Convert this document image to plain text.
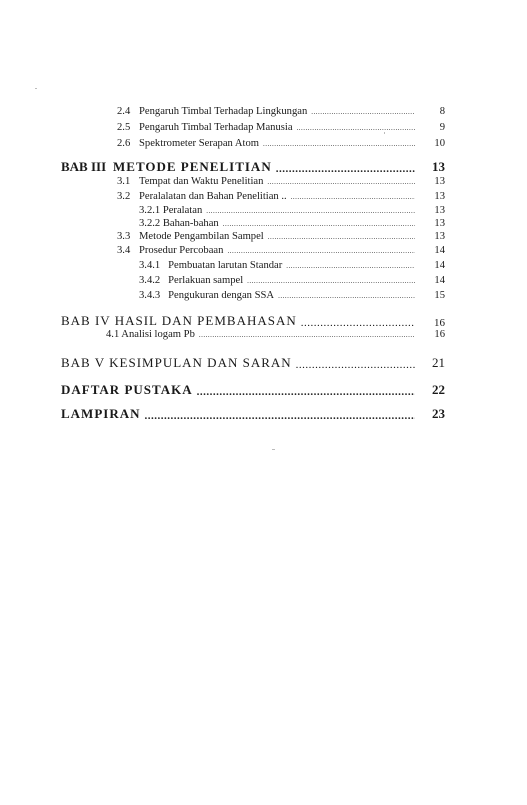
2.4 Pengaruh Timbal Terhadap Lingkungan .....	8
2.5 Pengaruh Timbal Terhadap Manusia .....	9
2.6 Spektrometer Serapan Atom .....	10
BAB III METODE PENELITIAN .....	13
3.1 Tempat dan Waktu Penelitian .....	13
3.2 Peralalatan dan Bahan Penelitian .. .....	13
3.2.1 Peralatan .....	13
3.2.2 Bahan-bahan .....	13
3.3 Metode Pengambilan Sampel .....	13
3.4 Prosedur Percobaan .....	14
3.4.1   Pembuatan larutan Standar .....	14
3.4.2   Perlakuan sampel .....	14
3.4.3   Pengukuran dengan SSA .....	15
BAB IV HASIL DAN PEMBAHASAN .....	16
4.1 Analisi logam Pb .....	16
BAB V KESIMPULAN DAN SARAN .....	21
DAFTAR PUSTAKA .....	22
LAMPIRAN .....	23
